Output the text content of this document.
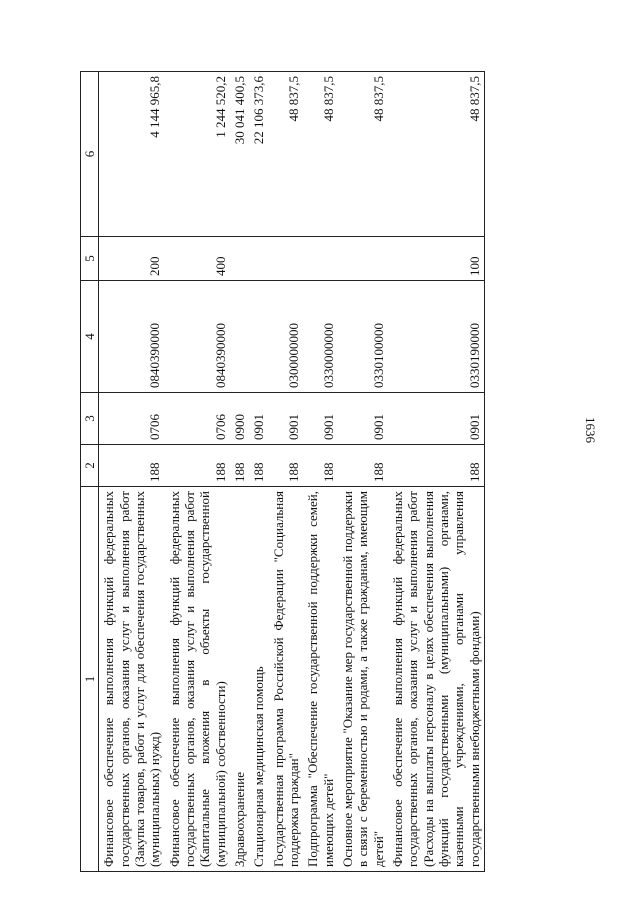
1636
1	2	3	4	5	6
Финансовое обеспечение выполнения функций федеральных государственных органов, оказания услуг и выполнения работ (Закупка товаров, работ и услуг для обеспечения государственных (муниципальных) нужд)	188	0706	0840390000	200	4 144 965,8
Финансовое обеспечение выполнения функций федеральных государственных органов, оказания услуг и выполнения работ (Капитальные вложения в объекты государственной (муниципальной) собственности)	188	0706	0840390000	400	1 244 520,2
Здравоохранение	188	0900			30 041 400,5
Стационарная медицинская помощь	188	0901			22 106 373,6
Государственная программа Российской Федерации "Социальная поддержка граждан"	188	0901	0300000000		48 837,5
Подпрограмма "Обеспечение государственной поддержки семей, имеющих детей"	188	0901	0330000000		48 837,5
Основное мероприятие "Оказание мер государственной поддержки в связи с беременностью и родами, а также гражданам, имеющим детей"	188	0901	0330100000		48 837,5
Финансовое обеспечение выполнения функций федеральных государственных органов, оказания услуг и выполнения работ (Расходы на выплаты персоналу в целях обеспечения выполнения функций государственными (муниципальными) органами, казенными учреждениями, органами управления государственными внебюджетными фондами)	188	0901	0330190000	100	48 837,5
